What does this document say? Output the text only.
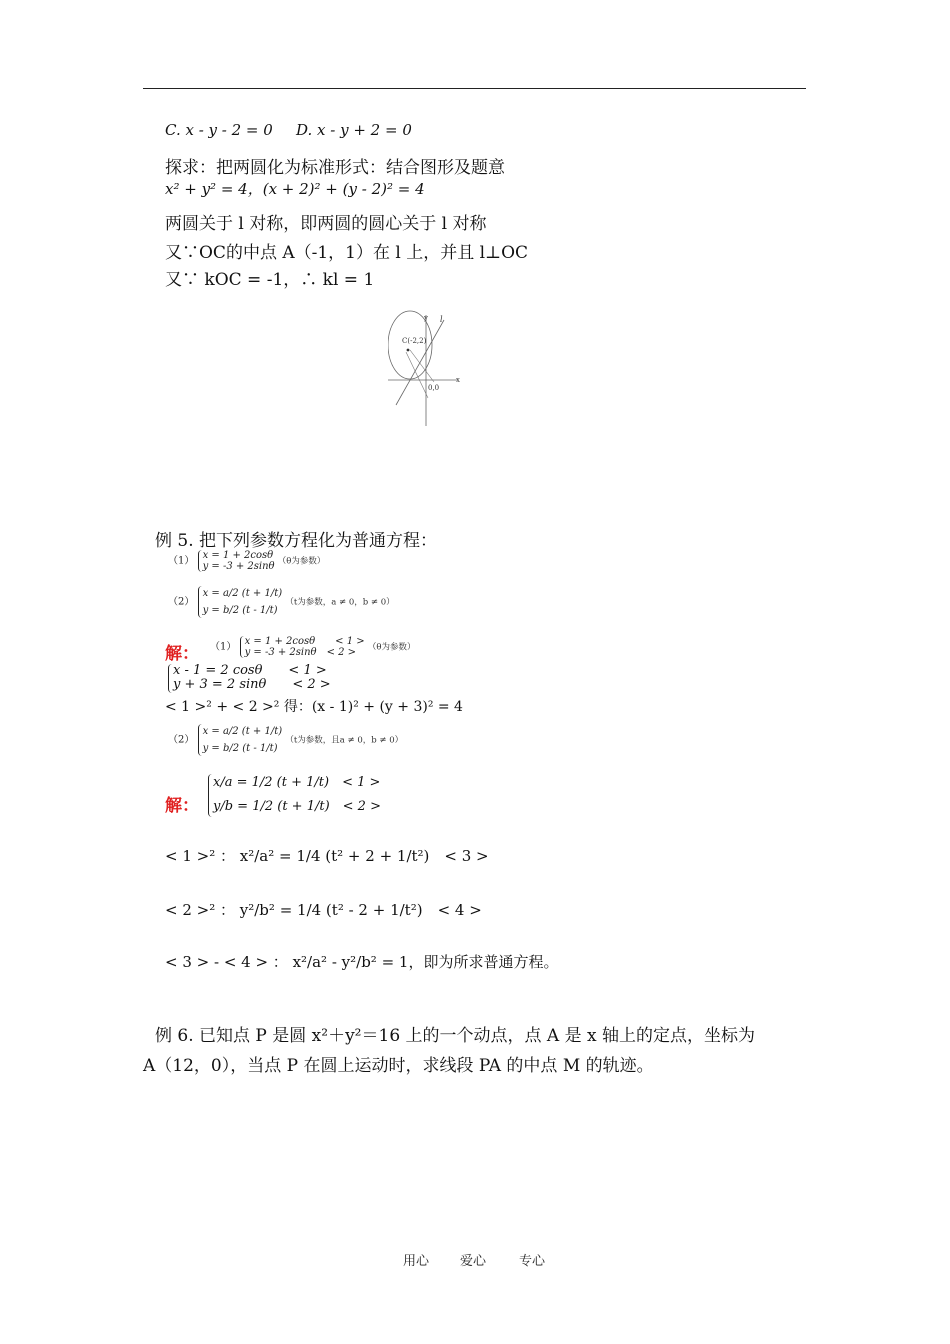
C. x - y - 2 = 0 D. x - y + 2 = 0
探求：把两圆化为标准形式：结合图形及题意
x² + y² = 4，(x + 2)² + (y - 2)² = 4
两圆关于 l 对称，即两圆的圆心关于 l 对称
又∵OC的中点 A（-1，1）在 l 上，并且 l⊥OC
又∵ kOC = -1，∴ kl = 1
y l
C(-2,2)
0,0
x
例 5. 把下列参数方程化为普通方程：
（1） x = 1 + 2cosθ
y = -3 + 2sinθ （θ为参数）
（2）
x = a/2 (t + 1/t)
y = b/2 (t - 1/t)
（t为参数，a ≠ 0，b ≠ 0）
解： （1） x = 1 + 2cosθ　　< 1 >
y = -3 + 2sinθ　< 2 >	（θ为参数）
x - 1 = 2 cosθ　　< 1 >
y + 3 = 2 sinθ　　< 2 >
< 1 >² + < 2 >² 得：(x - 1)² + (y + 3)² = 4
（2）
x = a/2 (t + 1/t)
y = b/2 (t - 1/t)
（t为参数，且a ≠ 0，b ≠ 0）
解：
x/a = 1/2 (t + 1/t)　< 1 >
y/b = 1/2 (t + 1/t)　< 2 >
< 1 >² ： x²/a² = 1/4 (t² + 2 + 1/t²)　< 3 >
< 2 >² ： y²/b² = 1/4 (t² - 2 + 1/t²)　< 4 >
< 3 > - < 4 > ： x²/a² - y²/b² = 1，即为所求普通方程。
例 6. 已知点 P 是圆 x²＋y²＝16 上的一个动点，点 A 是 x 轴上的定点，坐标为
A（12，0），当点 P 在圆上运动时，求线段 PA 的中点 M 的轨迹。
用心 爱心	专心
